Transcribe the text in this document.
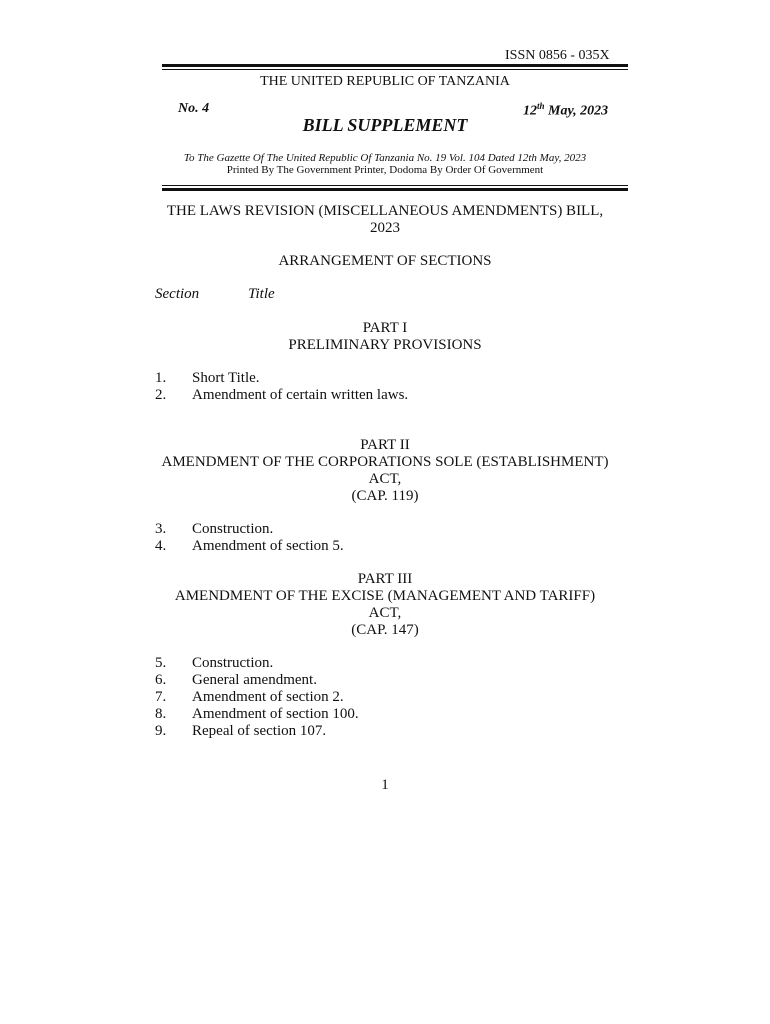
ISSN 0856 - 035X
THE UNITED REPUBLIC OF TANZANIA
No. 4	12th May, 2023
BILL SUPPLEMENT
To The Gazette Of The United Republic Of Tanzania No. 19 Vol. 104 Dated 12th May, 2023
Printed By The Government Printer, Dodoma By Order Of Government
THE LAWS REVISION (MISCELLANEOUS AMENDMENTS) BILL,
2023
ARRANGEMENT OF SECTIONS
Section	Title
PART I
PRELIMINARY PROVISIONS
1. Short Title.
2. Amendment of certain written laws.
PART II
AMENDMENT OF THE CORPORATIONS SOLE (ESTABLISHMENT)
ACT,
(CAP. 119)
3. Construction.
4. Amendment of section 5.
PART III
AMENDMENT OF THE EXCISE (MANAGEMENT AND TARIFF)
ACT,
(CAP. 147)
5. Construction.
6. General amendment.
7. Amendment of section 2.
8. Amendment of section 100.
9. Repeal of section 107.
1
